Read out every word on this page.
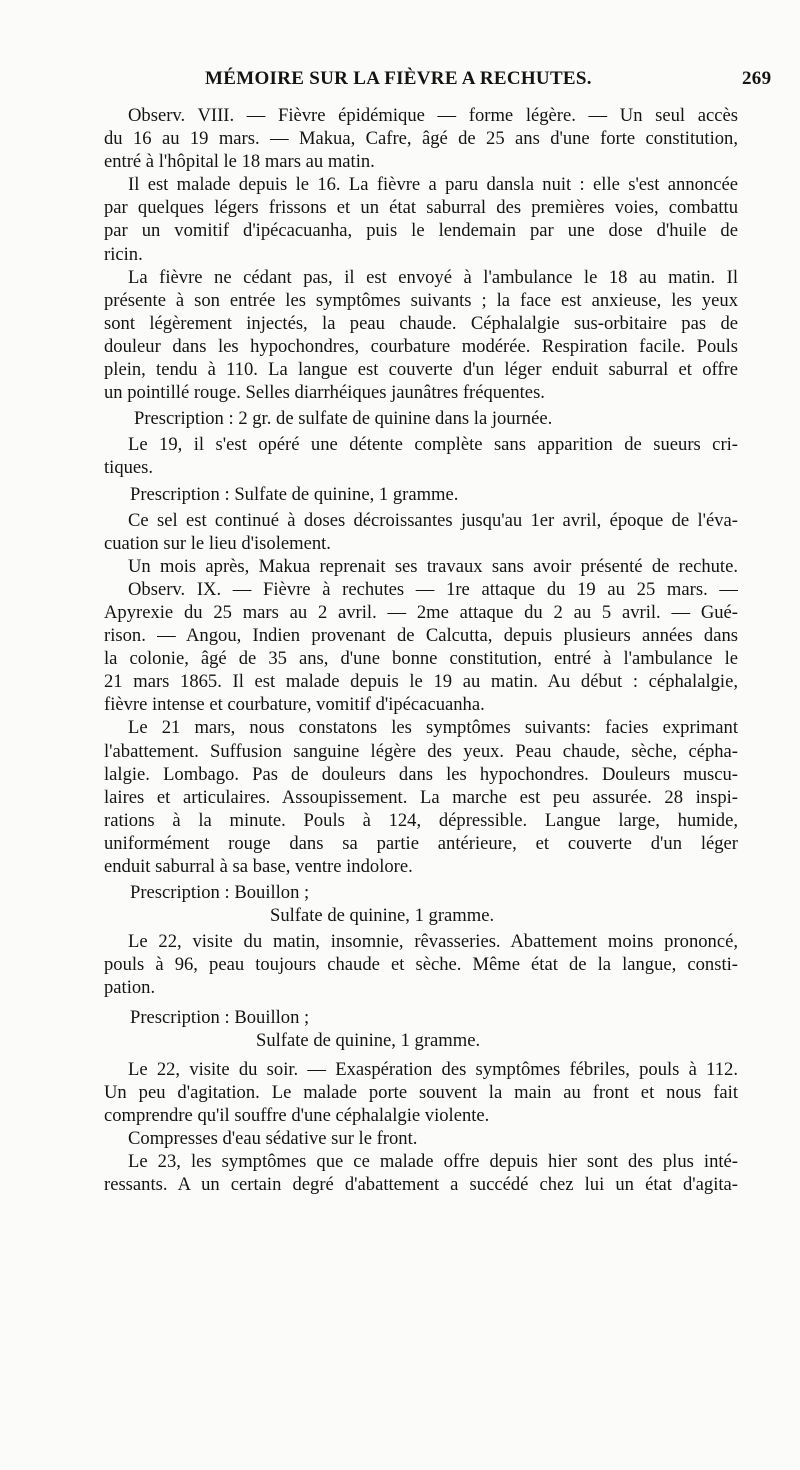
MÉMOIRE SUR LA FIÈVRE A RECHUTES.	269
Observ. VIII. — Fièvre épidémique — forme légère. — Un seul accès
du 16 au 19 mars. — Makua, Cafre, âgé de 25 ans d'une forte constitution,
entré à l'hôpital le 18 mars au matin.
Il est malade depuis le 16. La fièvre a paru dansla nuit : elle s'est annoncée
par quelques légers frissons et un état saburral des premières voies, combattu
par un vomitif d'ipécacuanha, puis le lendemain par une dose d'huile de
ricin.
La fièvre ne cédant pas, il est envoyé à l'ambulance le 18 au matin. Il
présente à son entrée les symptômes suivants ; la face est anxieuse, les yeux
sont légèrement injectés, la peau chaude. Céphalalgie sus-orbitaire pas de
douleur dans les hypochondres, courbature modérée. Respiration facile. Pouls
plein, tendu à 110. La langue est couverte d'un léger enduit saburral et offre
un pointillé rouge. Selles diarrhéiques jaunâtres fréquentes.
Prescription : 2 gr. de sulfate de quinine dans la journée.
Le 19, il s'est opéré une détente complète sans apparition de sueurs cri-
tiques.
Prescription : Sulfate de quinine, 1 gramme.
Ce sel est continué à doses décroissantes jusqu'au 1er avril, époque de l'éva-
cuation sur le lieu d'isolement.
Un mois après, Makua reprenait ses travaux sans avoir présenté de rechute.
Observ. IX. — Fièvre à rechutes — 1re attaque du 19 au 25 mars. —
Apyrexie du 25 mars au 2 avril. — 2me attaque du 2 au 5 avril. — Gué-
rison. — Angou, Indien provenant de Calcutta, depuis plusieurs années dans
la colonie, âgé de 35 ans, d'une bonne constitution, entré à l'ambulance le
21 mars 1865. Il est malade depuis le 19 au matin. Au début : céphalalgie,
fièvre intense et courbature, vomitif d'ipécacuanha.
Le 21 mars, nous constatons les symptômes suivants: facies exprimant
l'abattement. Suffusion sanguine légère des yeux. Peau chaude, sèche, cépha-
lalgie. Lombago. Pas de douleurs dans les hypochondres. Douleurs muscu-
laires et articulaires. Assoupissement. La marche est peu assurée. 28 inspi-
rations à la minute. Pouls à 124, dépressible. Langue large, humide,
uniformément rouge dans sa partie antérieure, et couverte d'un léger
enduit saburral à sa base, ventre indolore.
Prescription : Bouillon ;
Sulfate de quinine, 1 gramme.
Le 22, visite du matin, insomnie, rêvasseries. Abattement moins prononcé,
pouls à 96, peau toujours chaude et sèche. Même état de la langue, consti-
pation.
Prescription : Bouillon ;
Sulfate de quinine, 1 gramme.
Le 22, visite du soir. — Exaspération des symptômes fébriles, pouls à 112.
Un peu d'agitation. Le malade porte souvent la main au front et nous fait
comprendre qu'il souffre d'une céphalalgie violente.
Compresses d'eau sédative sur le front.
Le 23, les symptômes que ce malade offre depuis hier sont des plus inté-
ressants. A un certain degré d'abattement a succédé chez lui un état d'agita-
